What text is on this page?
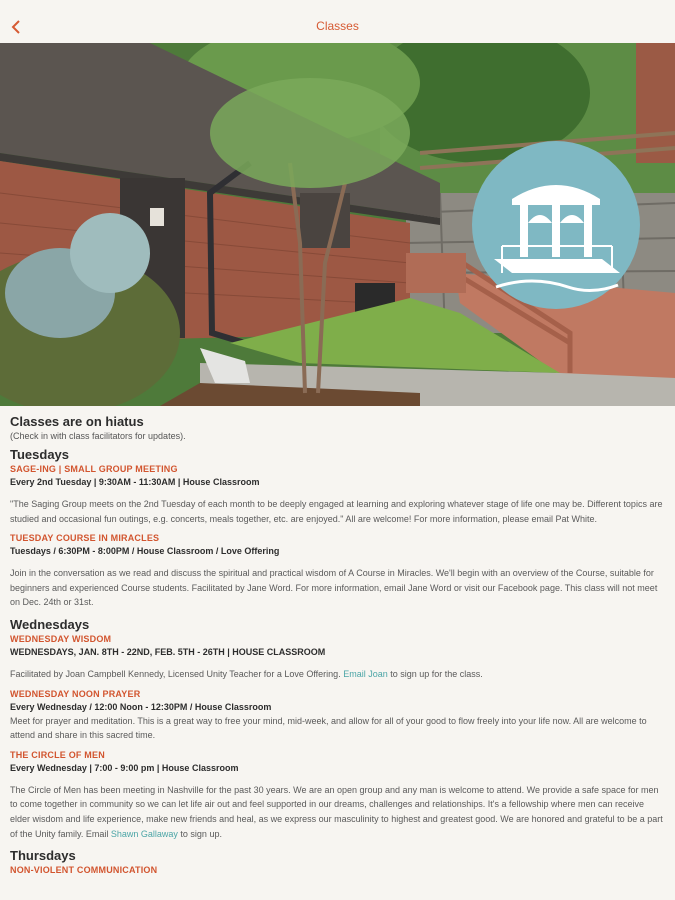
Classes
Classes are on hiatus

(Check in with class facilitators for updates).

Tuesdays
SAGE-ING | SMALL GROUP MEETING
Every 2nd Tuesday | 9:30AM - 11:30AM | House Classroom

"The Saging Group meets on the 2nd Tuesday of each month to be deeply engaged at learning and exploring whatever stage of life one may be. Different topics are studied and occasional fun outings, e.g. concerts, meals together, etc. are enjoyed." All are welcome! For more information, please email Pat White.

TUESDAY COURSE IN MIRACLES
Tuesdays / 6:30PM - 8:00PM / House Classroom / Love Offering

Join in the conversation as we read and discuss the spiritual and practical wisdom of A Course in Miracles. We'll begin with an overview of the Course, suitable for beginners and experienced Course students. Facilitated by Jane Word. For more information, email Jane Word or visit our Facebook page. This class will not meet on Dec. 24th or 31st.

Wednesdays
WEDNESDAY WISDOM
WEDNESDAYS, JAN. 8TH - 22ND, FEB. 5TH - 26TH | HOUSE CLASSROOM

Facilitated by Joan Campbell Kennedy, Licensed Unity Teacher for a Love Offering. Email Joan to sign up for the class.

WEDNESDAY NOON PRAYER
Every Wednesday / 12:00 Noon - 12:30PM / House Classroom

Meet for prayer and meditation. This is a great way to free your mind, mid-week, and allow for all of your good to flow freely into your life now. All are welcome to attend and share in this sacred time.

THE CIRCLE OF MEN
Every Wednesday | 7:00 - 9:00 pm | House Classroom

The Circle of Men has been meeting in Nashville for the past 30 years. We are an open group and any man is welcome to attend. We provide a safe space for men to come together in community so we can let life air out and feel supported in our dreams, challenges and relationships. It's a fellowship where men can receive elder wisdom and life experience, make new friends and heal, as we express our masculinity to highest and greatest good. We are honored and grateful to be a part of the Unity family. Email Shawn Gallaway to sign up.

Thursdays
NON-VIOLENT COMMUNICATION
